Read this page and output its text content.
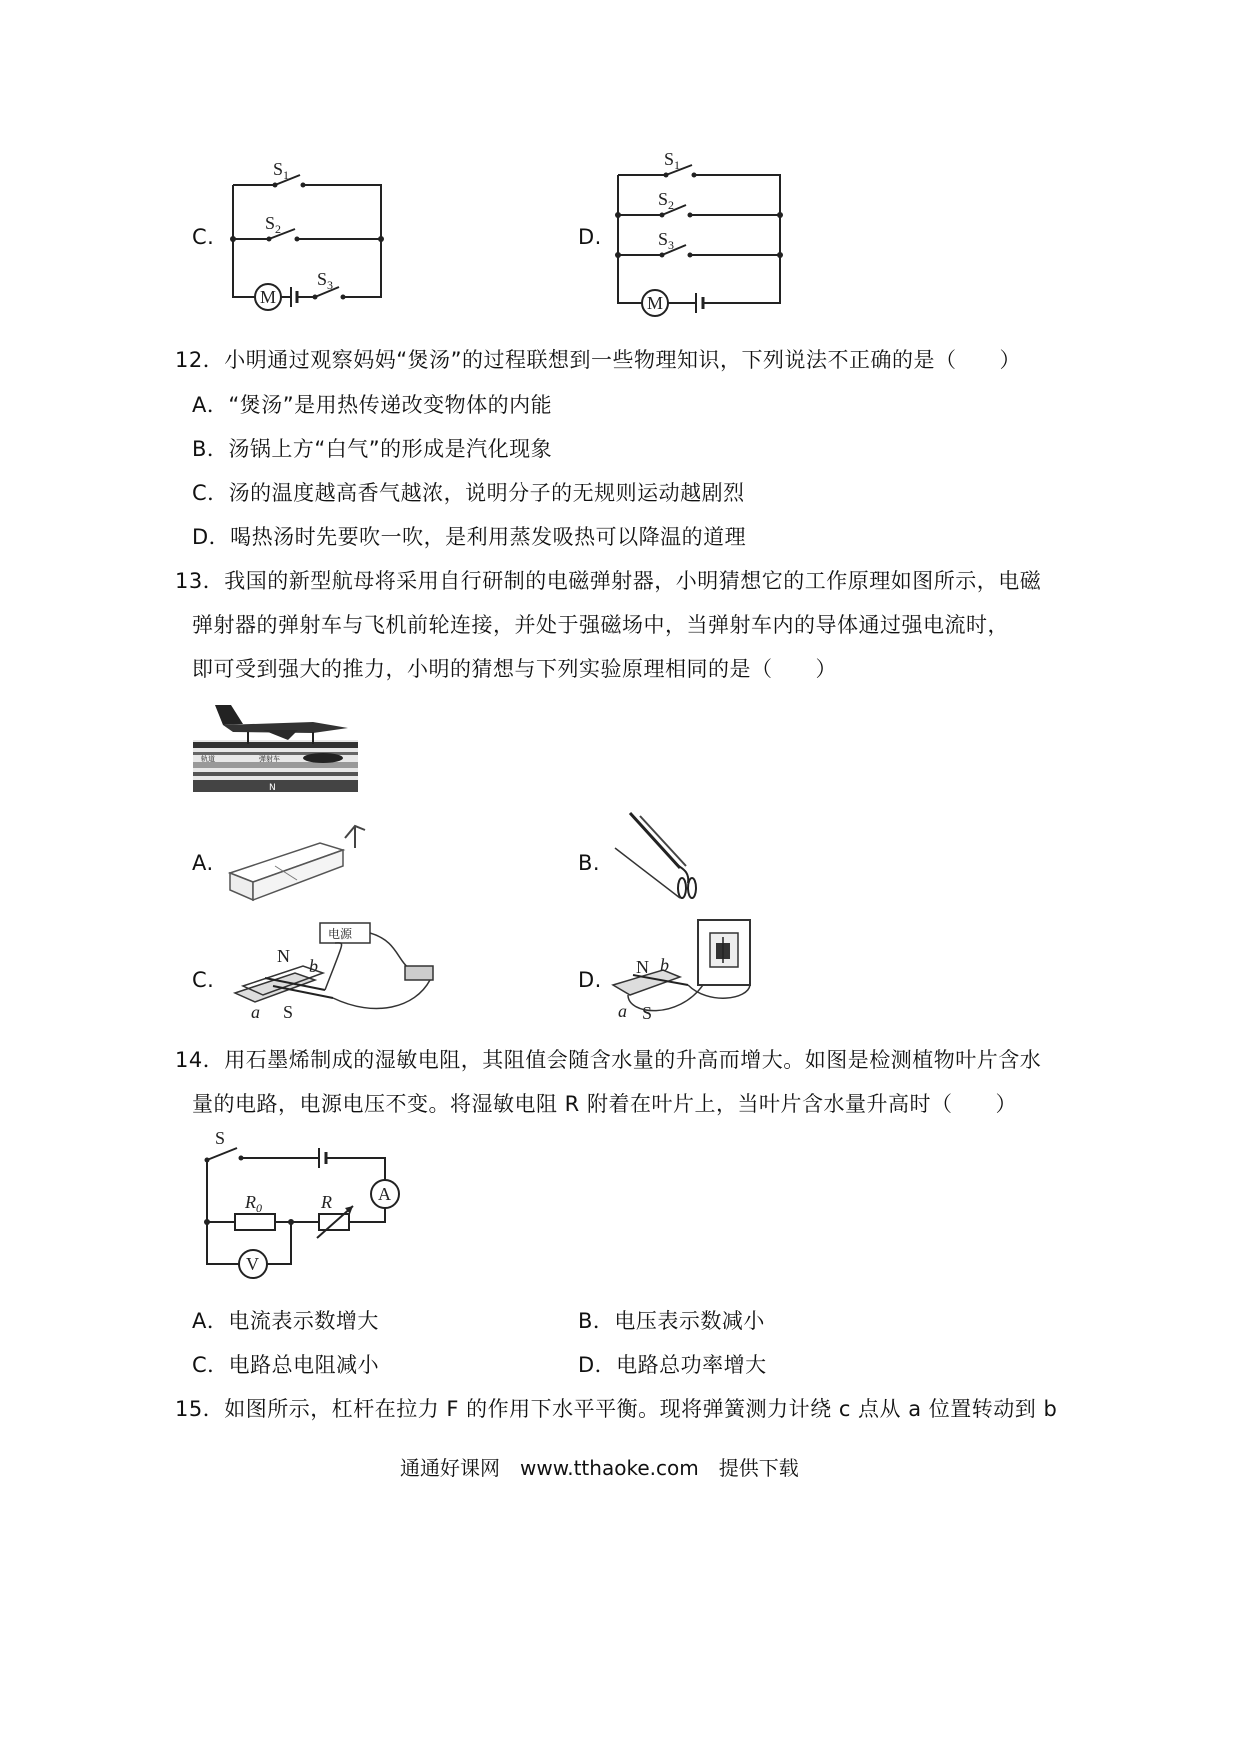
C.
$S_1$
$S_2$
M
$S_3$
D.
$S_1$
$S_2$
$S_3$
M
12．小明通过观察妈妈“煲汤”的过程联想到一些物理知识，下列说法不正确的是（　　）
A．“煲汤”是用热传递改变物体的内能
B．汤锅上方“白气”的形成是汽化现象
C．汤的温度越高香气越浓，说明分子的无规则运动越剧烈
D．喝热汤时先要吹一吹，是利用蒸发吸热可以降温的道理
13．我国的新型航母将采用自行研制的电磁弹射器，小明猜想它的工作原理如图所示，电磁
弹射器的弹射车与飞机前轮连接，并处于强磁场中，当弹射车内的导体通过强电流时，
即可受到强大的推力，小明的猜想与下列实验原理相同的是（　　）
轨道	弹射车
N
A.	B.
C.
N
S
a
b
电源
D.
N b
a S
14．用石墨烯制成的湿敏电阻，其阻值会随含水量的升高而增大。如图是检测植物叶片含水
量的电路，电源电压不变。将湿敏电阻 R 附着在叶片上，当叶片含水量升高时（　　）
S
A
R
$R_0$
V
A．电流表示数增大	B．电压表示数减小
C．电路总电阻减小	D．电路总功率增大
15．如图所示，杠杆在拉力 F 的作用下水平平衡。现将弹簧测力计绕 c 点从 a 位置转动到 b
通通好课网　www.tthaoke.com　提供下载
